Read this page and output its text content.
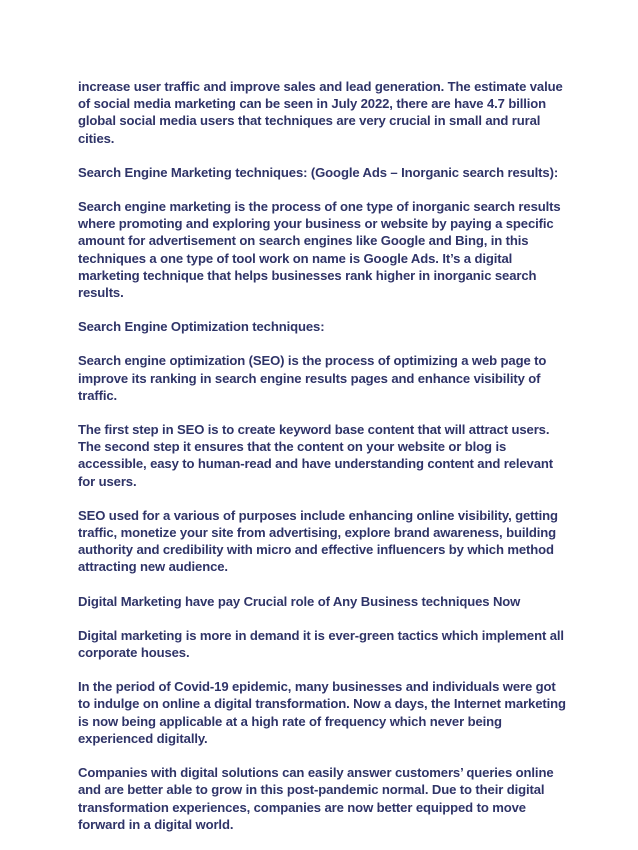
increase user traffic and improve sales and lead generation. The estimate value of social media marketing can be seen in July 2022, there are have 4.7 billion global social media users that techniques are very crucial in small and rural cities.

Search Engine Marketing techniques: (Google Ads – Inorganic search results):

Search engine marketing is the process of one type of inorganic search results where promoting and exploring your business or website by paying a specific amount for advertisement on search engines like Google and Bing, in this techniques a one type of tool work on name is Google Ads. It’s a digital marketing technique that helps businesses rank higher in inorganic search results.

Search Engine Optimization techniques:

Search engine optimization (SEO) is the process of optimizing a web page to improve its ranking in search engine results pages and enhance visibility of traffic.

The first step in SEO is to create keyword base content that will attract users. The second step it ensures that the content on your website or blog is accessible, easy to human-read and have understanding content and relevant for users.

SEO used for a various of purposes include enhancing online visibility, getting traffic, monetize your site from advertising, explore brand awareness, building authority and credibility with micro and effective influencers by which method attracting new audience.

Digital Marketing have pay Crucial role of Any Business techniques Now

Digital marketing is more in demand it is ever-green tactics which implement all corporate houses.

In the period of Covid-19 epidemic, many businesses and individuals were got to indulge on online a digital transformation. Now a days, the Internet marketing is now being applicable at a high rate of frequency which never being experienced digitally.

Companies with digital solutions can easily answer customers’ queries online and are better able to grow in this post-pandemic normal. Due to their digital transformation experiences, companies are now better equipped to move forward in a digital world.
